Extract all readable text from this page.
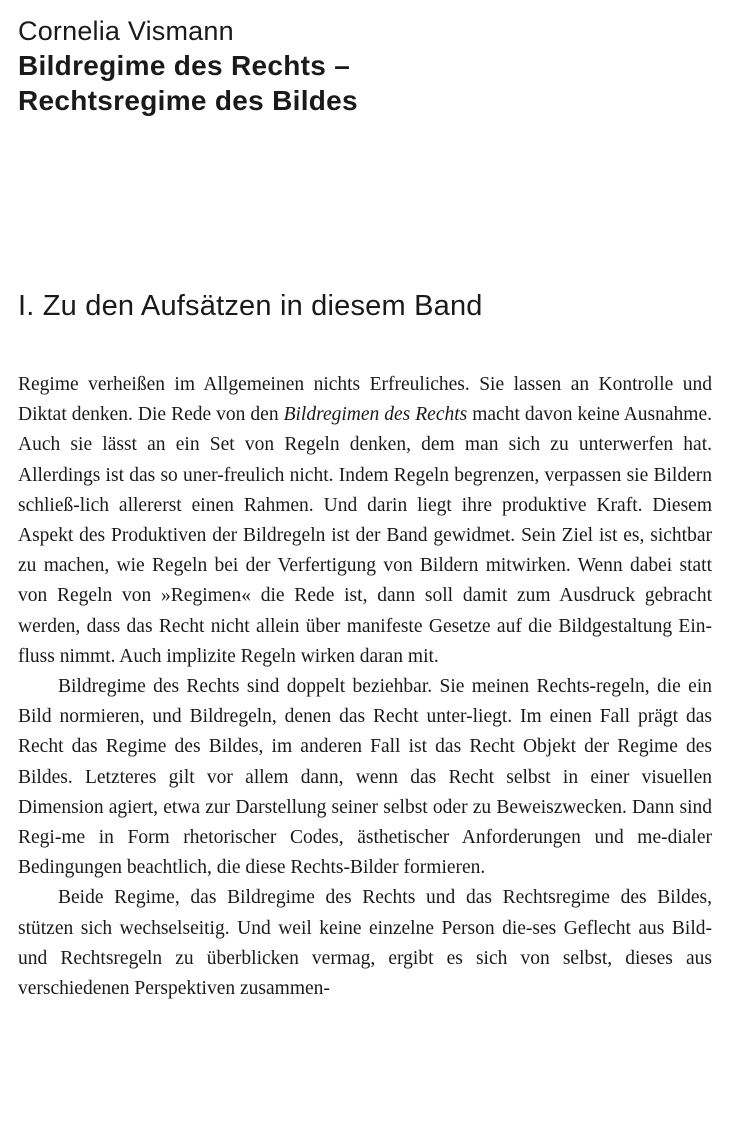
Cornelia Vismann
Bildregime des Rechts –
Rechtsregime des Bildes
I. Zu den Aufsätzen in diesem Band

Regime verheißen im Allgemeinen nichts Erfreuliches. Sie lassen an Kontrolle und Diktat denken. Die Rede von den Bildregimen des Rechts macht davon keine Ausnahme. Auch sie lässt an ein Set von Regeln denken, dem man sich zu unterwerfen hat. Allerdings ist das so uner-freulich nicht. Indem Regeln begrenzen, verpassen sie Bildern schließ-lich allererst einen Rahmen. Und darin liegt ihre produktive Kraft. Diesem Aspekt des Produktiven der Bildregeln ist der Band gewidmet. Sein Ziel ist es, sichtbar zu machen, wie Regeln bei der Verfertigung von Bildern mitwirken. Wenn dabei statt von Regeln von »Regimen« die Rede ist, dann soll damit zum Ausdruck gebracht werden, dass das Recht nicht allein über manifeste Gesetze auf die Bildgestaltung Ein-fluss nimmt. Auch implizite Regeln wirken daran mit.

Bildregime des Rechts sind doppelt beziehbar. Sie meinen Rechts-regeln, die ein Bild normieren, und Bildregeln, denen das Recht unter-liegt. Im einen Fall prägt das Recht das Regime des Bildes, im anderen Fall ist das Recht Objekt der Regime des Bildes. Letzteres gilt vor allem dann, wenn das Recht selbst in einer visuellen Dimension agiert, etwa zur Darstellung seiner selbst oder zu Beweiszwecken. Dann sind Regi-me in Form rhetorischer Codes, ästhetischer Anforderungen und me-dialer Bedingungen beachtlich, die diese Rechts-Bilder formieren.

Beide Regime, das Bildregime des Rechts und das Rechtsregime des Bildes, stützen sich wechselseitig. Und weil keine einzelne Person die-ses Geflecht aus Bild- und Rechtsregeln zu überblicken vermag, ergibt es sich von selbst, dieses aus verschiedenen Perspektiven zusammen-
